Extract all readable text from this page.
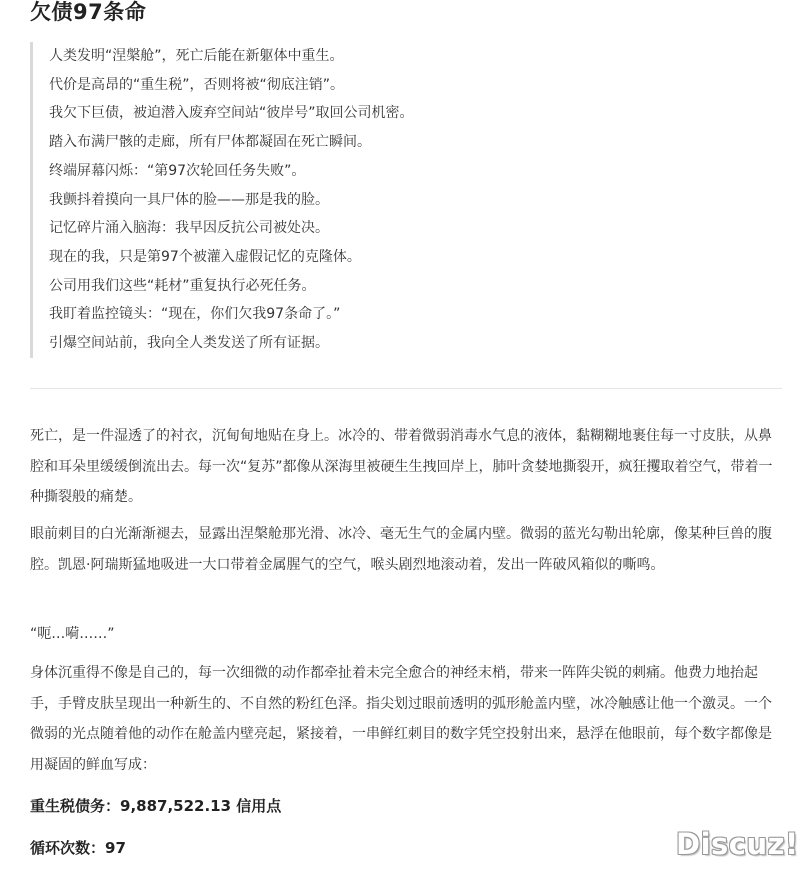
欠债97条命
人类发明“涅槃舱”，死亡后能在新躯体中重生。
代价是高昂的“重生税”，否则将被“彻底注销”。
我欠下巨债，被迫潜入废弃空间站“彼岸号”取回公司机密。
踏入布满尸骸的走廊，所有尸体都凝固在死亡瞬间。
终端屏幕闪烁：“第97次轮回任务失败”。
我颤抖着摸向一具尸体的脸——那是我的脸。
记忆碎片涌入脑海：我早因反抗公司被处决。
现在的我，只是第97个被灌入虚假记忆的克隆体。
公司用我们这些“耗材”重复执行必死任务。
我盯着监控镜头：“现在，你们欠我97条命了。”
引爆空间站前，我向全人类发送了所有证据。

死亡，是一件湿透了的衬衣，沉甸甸地贴在身上。冰冷的、带着微弱消毒水气息的液体，黏糊糊地裹住每一寸皮肤，从鼻腔和耳朵里缓缓倒流出去。每一次“复苏”都像从深海里被硬生生拽回岸上，肺叶贪婪地撕裂开，疯狂攫取着空气，带着一种撕裂般的痛楚。

眼前刺目的白光渐渐褪去，显露出涅槃舱那光滑、冰冷、毫无生气的金属内壁。微弱的蓝光勾勒出轮廓，像某种巨兽的腹腔。凯恩·阿瑞斯猛地吸进一大口带着金属腥气的空气，喉头剧烈地滚动着，发出一阵破风箱似的嘶鸣。

“呃…嗬……”

身体沉重得不像是自己的，每一次细微的动作都牵扯着未完全愈合的神经末梢，带来一阵阵尖锐的刺痛。他费力地抬起手，手臂皮肤呈现出一种新生的、不自然的粉红色泽。指尖划过眼前透明的弧形舱盖内壁，冰冷触感让他一个激灵。一个微弱的光点随着他的动作在舱盖内壁亮起，紧接着，一串鲜红刺目的数字凭空投射出来，悬浮在他眼前，每个数字都像是用凝固的鲜血写成：

重生税债务：9,887,522.13 信用点
循环次数：97	Discuz!
